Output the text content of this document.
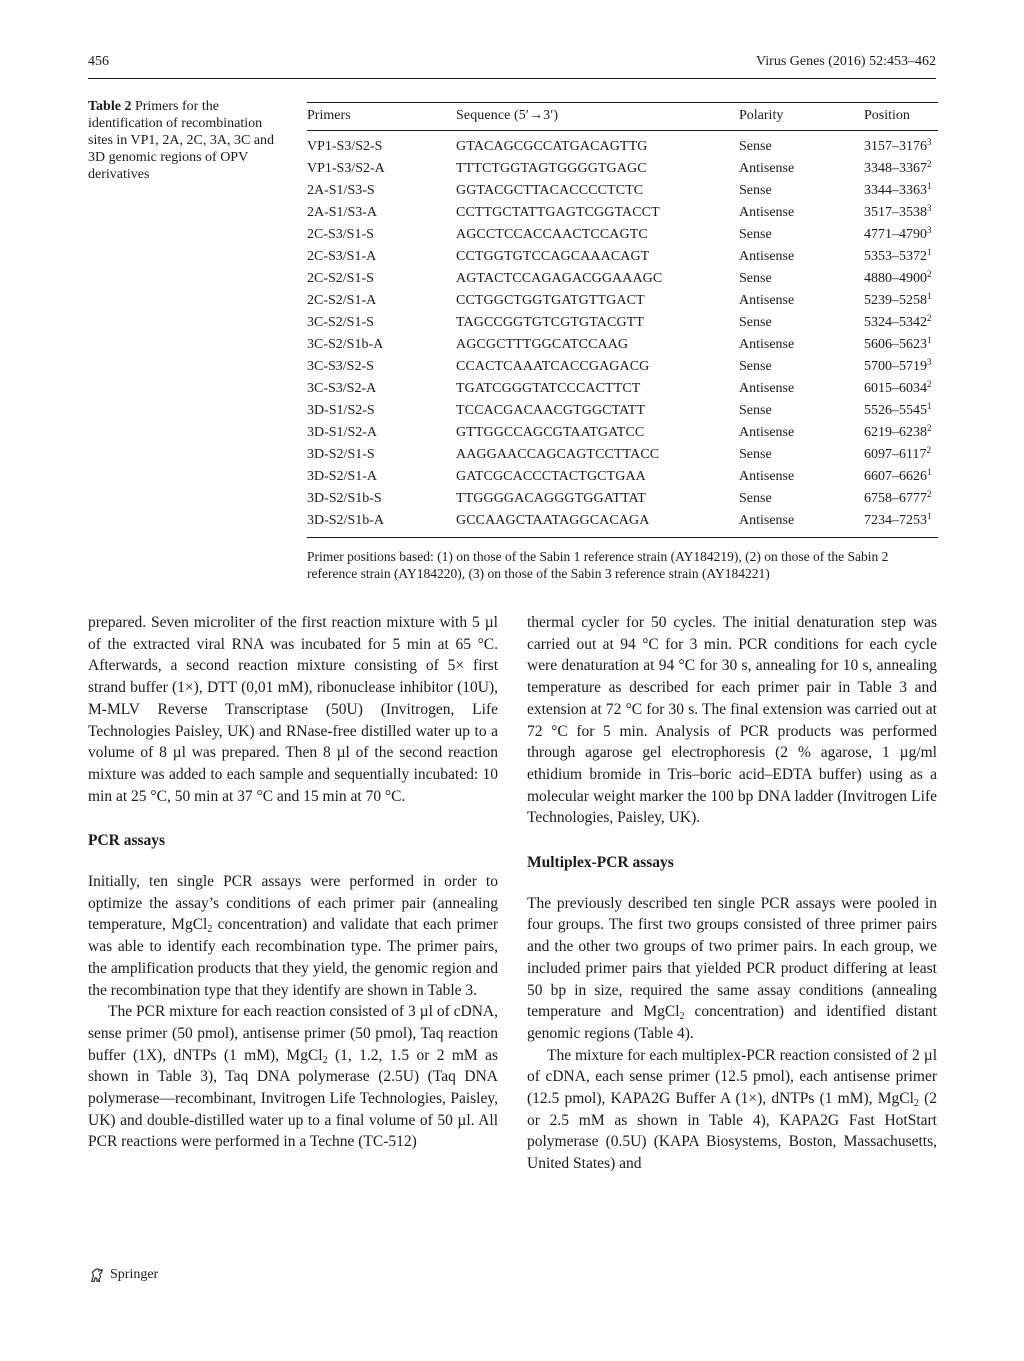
456	Virus Genes (2016) 52:453–462
Table 2 Primers for the identification of recombination sites in VP1, 2A, 2C, 3A, 3C and 3D genomic regions of OPV derivatives
Primers	Sequence (5′→3′)	Polarity	Position
VP1-S3/S2-S	GTACAGCGCCATGACAGTTG	Sense	3157–3176$^3$
VP1-S3/S2-A	TTTCTGGTAGTGGGGTGAGC	Antisense	3348–3367$^2$
2A-S1/S3-S	GGTACGCTTACACCCCTCTC	Sense	3344–3363$^1$
2A-S1/S3-A	CCTTGCTATTGAGTCGGTACCT	Antisense	3517–3538$^3$
2C-S3/S1-S	AGCCTCCACCAACTCCAGTC	Sense	4771–4790$^3$
2C-S3/S1-A	CCTGGTGTCCAGCAAACAGT	Antisense	5353–5372$^1$
2C-S2/S1-S	AGTACTCCAGAGACGGAAAGC	Sense	4880–4900$^2$
2C-S2/S1-A	CCTGGCTGGTGATGTTGACT	Antisense	5239–5258$^1$
3C-S2/S1-S	TAGCCGGTGTCGTGTACGTT	Sense	5324–5342$^2$
3C-S2/S1b-A	AGCGCTTTGGCATCCAAG	Antisense	5606–5623$^1$
3C-S3/S2-S	CCACTCAAATCACCGAGACG	Sense	5700–5719$^3$
3C-S3/S2-A	TGATCGGGTATCCCACTTCT	Antisense	6015–6034$^2$
3D-S1/S2-S	TCCACGACAACGTGGCTATT	Sense	5526–5545$^1$
3D-S1/S2-A	GTTGGCCAGCGTAATGATCC	Antisense	6219–6238$^2$
3D-S2/S1-S	AAGGAACCAGCAGTCCTTACC	Sense	6097–6117$^2$
3D-S2/S1-A	GATCGCACCCTACTGCTGAA	Antisense	6607–6626$^1$
3D-S2/S1b-S	TTGGGGACAGGGTGGATTAT	Sense	6758–6777$^2$
3D-S2/S1b-A	GCCAAGCTAATAGGCACAGA	Antisense	7234–7253$^1$
Primer positions based: (1) on those of the Sabin 1 reference strain (AY184219), (2) on those of the Sabin 2 reference strain (AY184220), (3) on those of the Sabin 3 reference strain (AY184221)

prepared. Seven microliter of the first reaction mixture with 5 µl of the extracted viral RNA was incubated for 5 min at 65 °C. Afterwards, a second reaction mixture consisting of 5× first strand buffer (1×), DTT (0,01 mM), ribonuclease inhibitor (10U), M-MLV Reverse Transcriptase (50U) (Invitrogen, Life Technologies Paisley, UK) and RNase-free distilled water up to a volume of 8 µl was prepared. Then 8 µl of the second reaction mixture was added to each sample and sequentially incubated: 10 min at 25 °C, 50 min at 37 °C and 15 min at 70 °C.

PCR assays

Initially, ten single PCR assays were performed in order to optimize the assay’s conditions of each primer pair (annealing temperature, MgCl$_2$ concentration) and validate that each primer was able to identify each recombination type. The primer pairs, the amplification products that they yield, the genomic region and the recombination type that they identify are shown in Table 3.

The PCR mixture for each reaction consisted of 3 µl of cDNA, sense primer (50 pmol), antisense primer (50 pmol), Taq reaction buffer (1X), dNTPs (1 mM), MgCl$_2$ (1, 1.2, 1.5 or 2 mM as shown in Table 3), Taq DNA polymerase (2.5U) (Taq DNA polymerase—recombinant, Invitrogen Life Technologies, Paisley, UK) and double-distilled water up to a final volume of 50 µl. All PCR reactions were performed in a Techne (TC-512)

thermal cycler for 50 cycles. The initial denaturation step was carried out at 94 °C for 3 min. PCR conditions for each cycle were denaturation at 94 °C for 30 s, annealing for 10 s, annealing temperature as described for each primer pair in Table 3 and extension at 72 °C for 30 s. The final extension was carried out at 72 °C for 5 min. Analysis of PCR products was performed through agarose gel electrophoresis (2 % agarose, 1 µg/ml ethidium bromide in Tris–boric acid–EDTA buffer) using as a molecular weight marker the 100 bp DNA ladder (Invitrogen Life Technologies, Paisley, UK).

Multiplex-PCR assays

The previously described ten single PCR assays were pooled in four groups. The first two groups consisted of three primer pairs and the other two groups of two primer pairs. In each group, we included primer pairs that yielded PCR product differing at least 50 bp in size, required the same assay conditions (annealing temperature and MgCl$_2$ concentration) and identified distant genomic regions (Table 4).

The mixture for each multiplex-PCR reaction consisted of 2 µl of cDNA, each sense primer (12.5 pmol), each antisense primer (12.5 pmol), KAPA2G Buffer A (1×), dNTPs (1 mM), MgCl$_2$ (2 or 2.5 mM as shown in Table 4), KAPA2G Fast HotStart polymerase (0.5U) (KAPA Biosystems, Boston, Massachusetts, United States) and

Springer
